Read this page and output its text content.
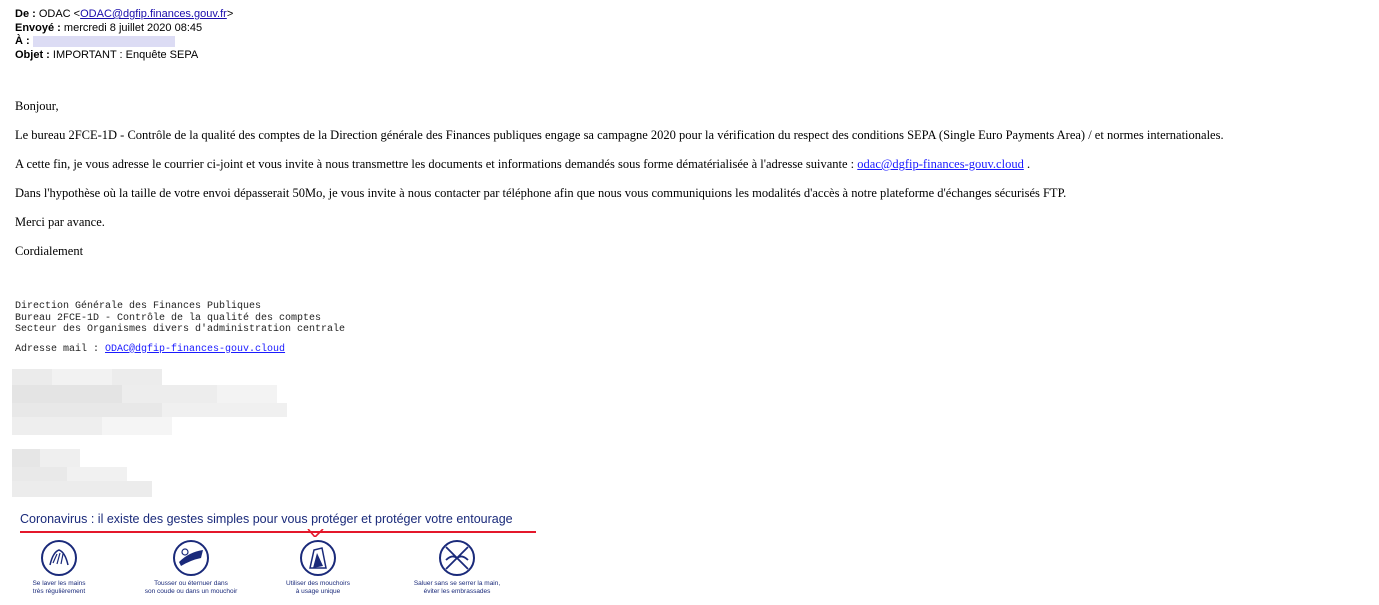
De : ODAC <ODAC@dgfip.finances.gouv.fr>
Envoyé : mercredi 8 juillet 2020 08:45
À :
Objet : IMPORTANT : Enquête SEPA

Bonjour,

Le bureau 2FCE-1D - Contrôle de la qualité des comptes de la Direction générale des Finances publiques engage sa campagne 2020 pour la vérification du respect des conditions SEPA (Single Euro Payments Area) / et normes internationales.

A cette fin, je vous adresse le courrier ci-joint et vous invite à nous transmettre les documents et informations demandés sous forme dématérialisée à l'adresse suivante : odac@dgfip-finances-gouv.cloud .

Dans l'hypothèse où la taille de votre envoi dépasserait 50Mo, je vous invite à nous contacter par téléphone afin que nous vous communiquions les modalités d'accès à notre plateforme d'échanges sécurisés FTP.

Merci par avance.

Cordialement

Direction Générale des Finances Publiques
Bureau 2FCE-1D - Contrôle de la qualité des comptes
Secteur des Organismes divers d'administration centrale

Adresse mail : ODAC@dgfip-finances-gouv.cloud
Coronavirus : il existe des gestes simples pour vous protéger et protéger votre entourage
Se laver les mains
très régulièrement
Tousser ou éternuer dans
son coude ou dans un mouchoir
Utiliser des mouchoirs
à usage unique
Saluer sans se serrer la main,
éviter les embrassades
